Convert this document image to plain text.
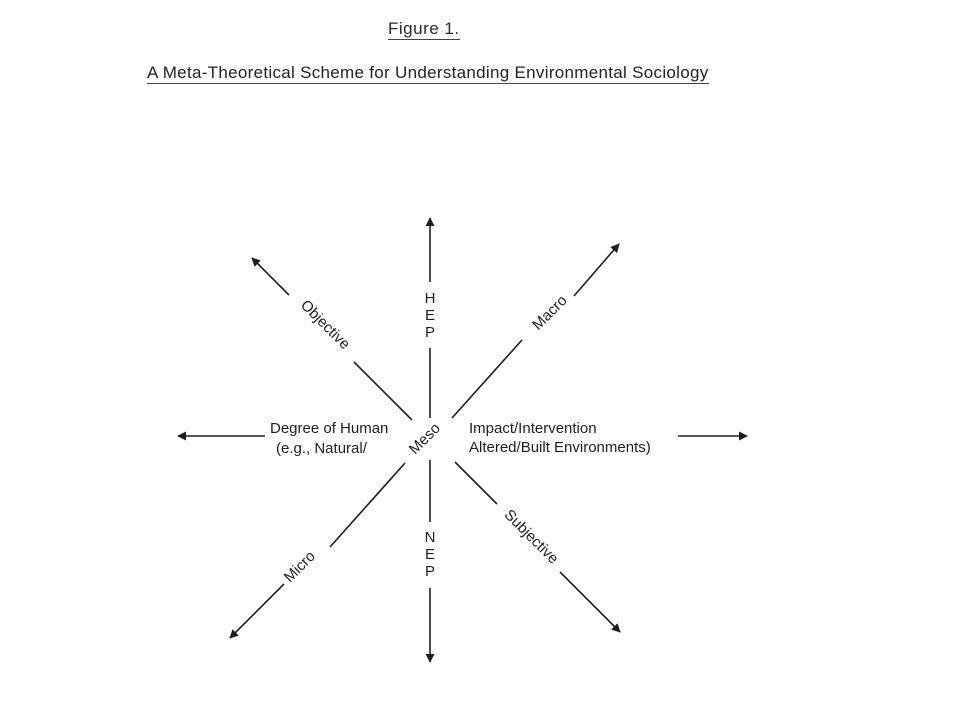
Figure 1.
A Meta-Theoretical Scheme for Understanding Environmental Sociology
H
E
P
N
E
P
Objective	Macro
Subjective
Micro
Meso
Degree of Human
(e.g., Natural/
Impact/Intervention
Altered/Built Environments)
